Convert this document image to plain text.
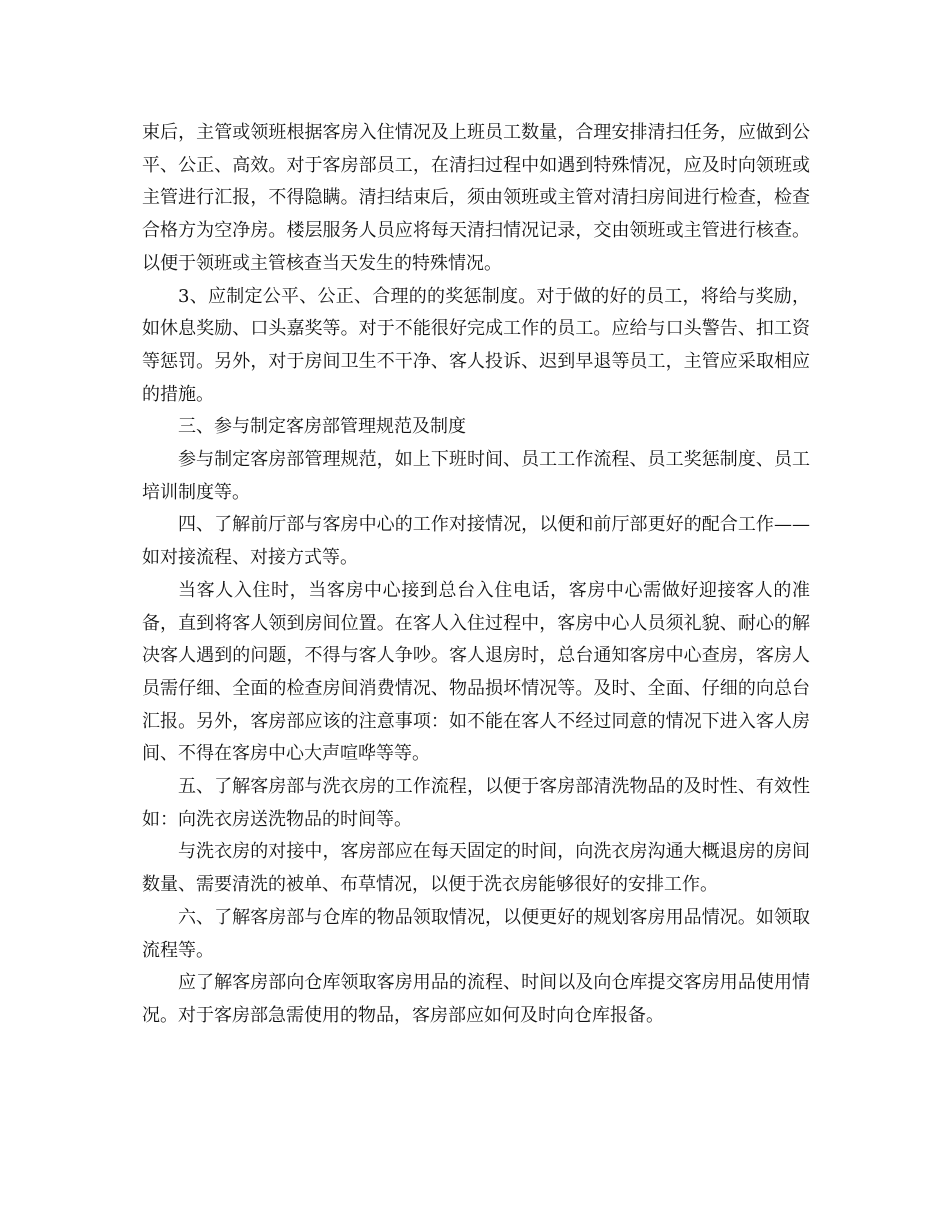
束后，主管或领班根据客房入住情况及上班员工数量，合理安排清扫任务，应做到公平、公正、高效。对于客房部员工，在清扫过程中如遇到特殊情况，应及时向领班或主管进行汇报，不得隐瞒。清扫结束后，须由领班或主管对清扫房间进行检查，检查合格方为空净房。楼层服务人员应将每天清扫情况记录，交由领班或主管进行核查。以便于领班或主管核查当天发生的特殊情况。

3、应制定公平、公正、合理的的奖惩制度。对于做的好的员工，将给与奖励，如休息奖励、口头嘉奖等。对于不能很好完成工作的员工。应给与口头警告、扣工资等惩罚。另外，对于房间卫生不干净、客人投诉、迟到早退等员工，主管应采取相应的措施。

三、参与制定客房部管理规范及制度

参与制定客房部管理规范，如上下班时间、员工工作流程、员工奖惩制度、员工培训制度等。

四、了解前厅部与客房中心的工作对接情况，以便和前厅部更好的配合工作——如对接流程、对接方式等。

当客人入住时，当客房中心接到总台入住电话，客房中心需做好迎接客人的准备，直到将客人领到房间位置。在客人入住过程中，客房中心人员须礼貌、耐心的解决客人遇到的问题，不得与客人争吵。客人退房时，总台通知客房中心查房，客房人员需仔细、全面的检查房间消费情况、物品损坏情况等。及时、全面、仔细的向总台汇报。另外，客房部应该的注意事项：如不能在客人不经过同意的情况下进入客人房间、不得在客房中心大声喧哗等等。

五、了解客房部与洗衣房的工作流程，以便于客房部清洗物品的及时性、有效性如：向洗衣房送洗物品的时间等。

与洗衣房的对接中，客房部应在每天固定的时间，向洗衣房沟通大概退房的房间数量、需要清洗的被单、布草情况，以便于洗衣房能够很好的安排工作。

六、了解客房部与仓库的物品领取情况，以便更好的规划客房用品情况。如领取流程等。

应了解客房部向仓库领取客房用品的流程、时间以及向仓库提交客房用品使用情况。对于客房部急需使用的物品，客房部应如何及时向仓库报备。
